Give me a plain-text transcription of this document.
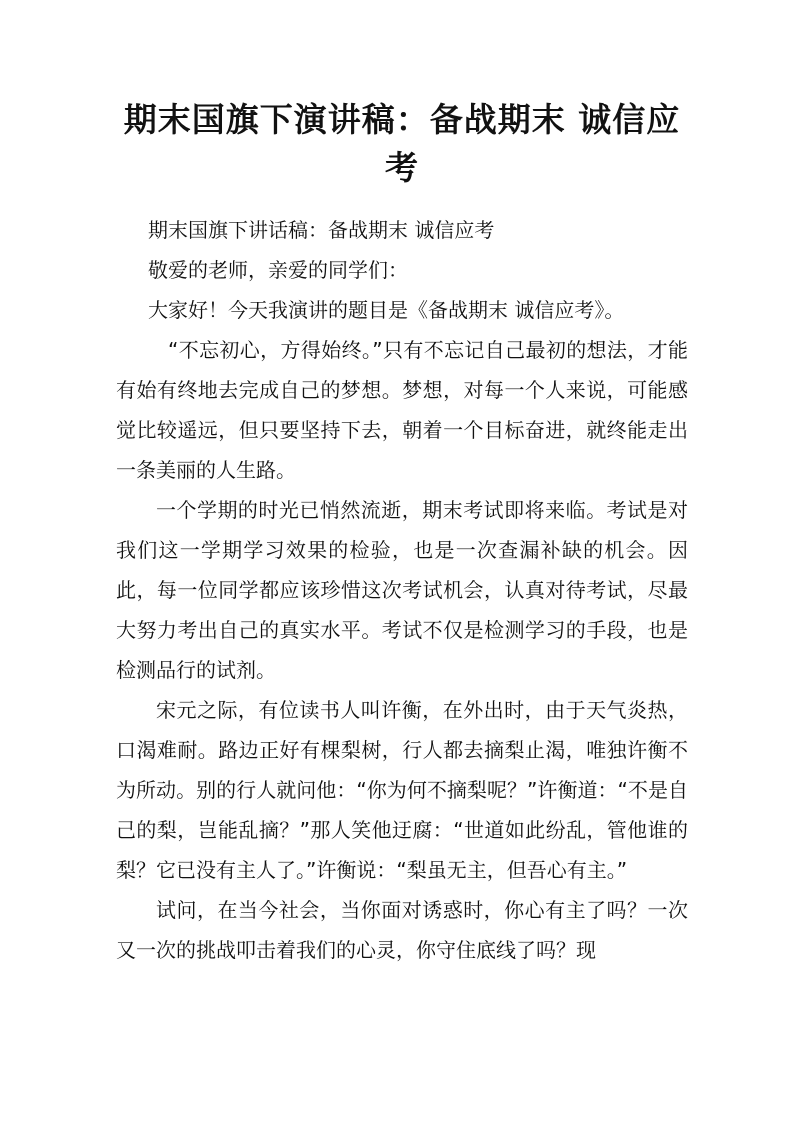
期末国旗下演讲稿：备战期末 诚信应考

期末国旗下讲话稿：备战期末 诚信应考

敬爱的老师，亲爱的同学们：

大家好！今天我演讲的题目是《备战期末 诚信应考》。

“不忘初心，方得始终。”只有不忘记自己最初的想法，才能有始有终地去完成自己的梦想。梦想，对每一个人来说，可能感觉比较遥远，但只要坚持下去，朝着一个目标奋进，就终能走出一条美丽的人生路。

一个学期的时光已悄然流逝，期末考试即将来临。考试是对我们这一学期学习效果的检验，也是一次查漏补缺的机会。因此，每一位同学都应该珍惜这次考试机会，认真对待考试，尽最大努力考出自己的真实水平。考试不仅是检测学习的手段，也是检测品行的试剂。

宋元之际，有位读书人叫许衡，在外出时，由于天气炎热，口渴难耐。路边正好有棵梨树，行人都去摘梨止渴，唯独许衡不为所动。别的行人就问他：“你为何不摘梨呢？”许衡道：“不是自己的梨，岂能乱摘？”那人笑他迂腐：“世道如此纷乱，管他谁的梨？它已没有主人了。”许衡说：“梨虽无主，但吾心有主。”

试问，在当今社会，当你面对诱惑时，你心有主了吗？一次又一次的挑战叩击着我们的心灵，你守住底线了吗？现
